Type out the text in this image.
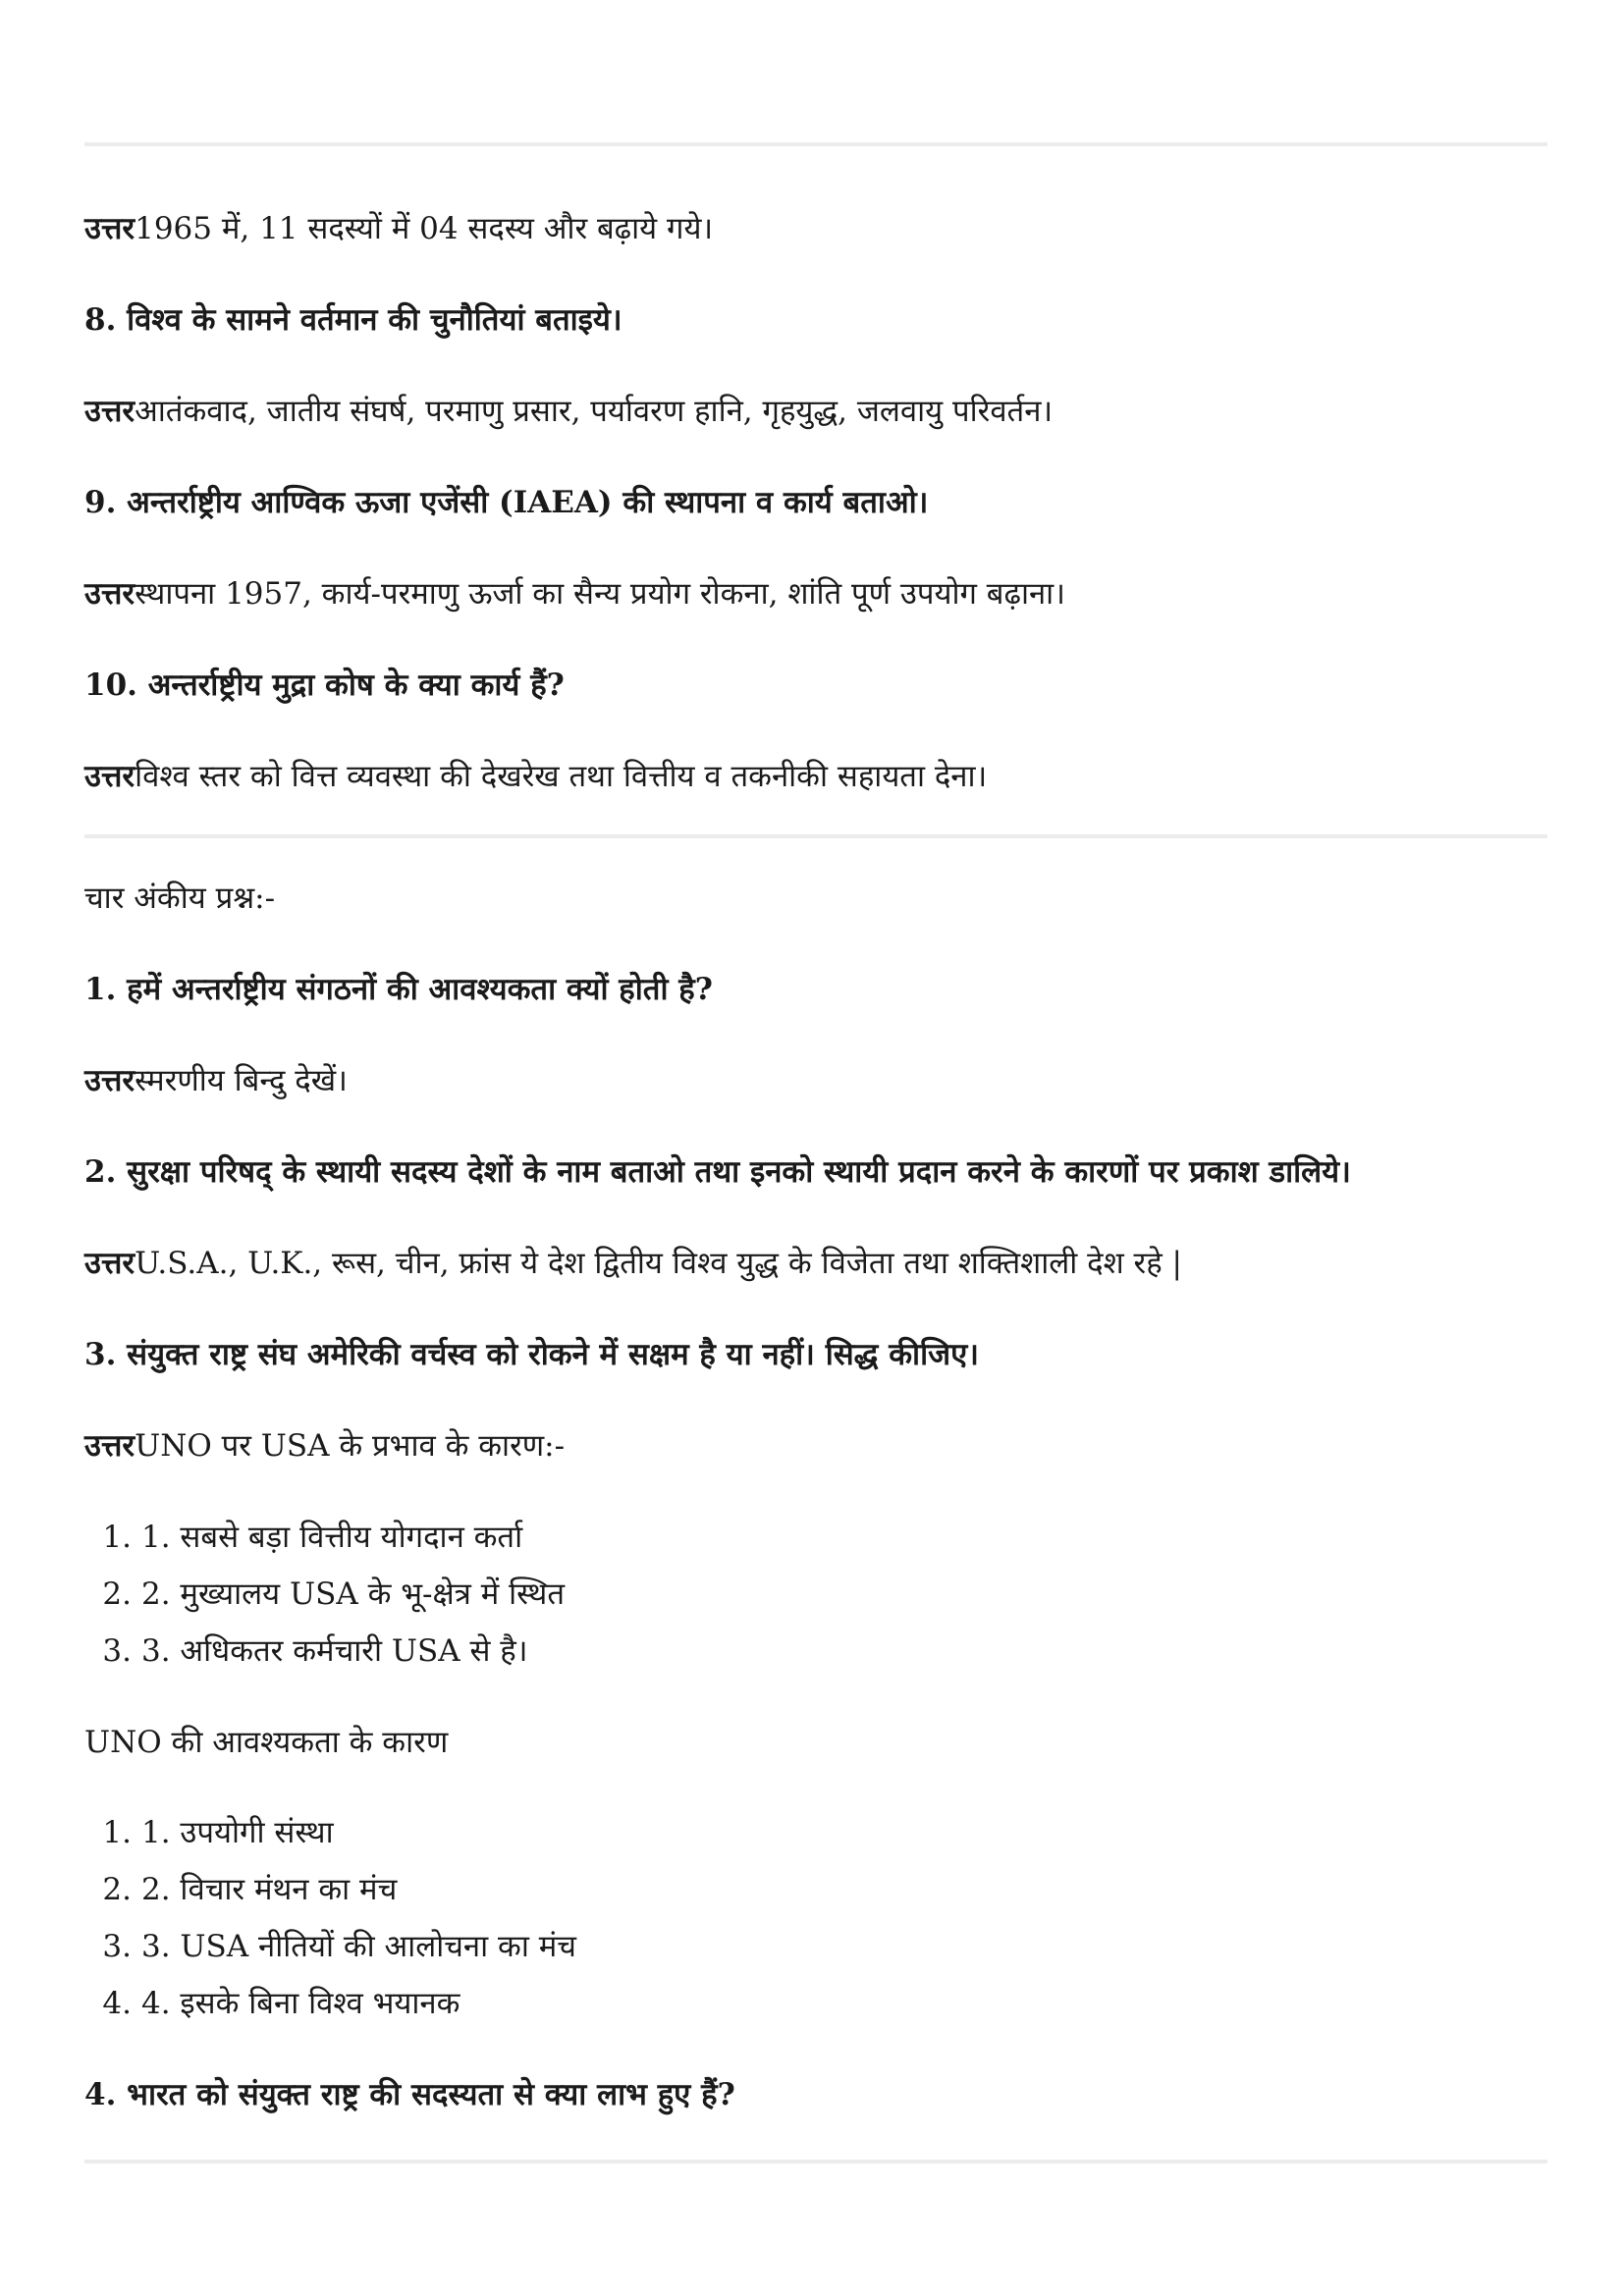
उत्तर1965 में, 11 सदस्यों में 04 सदस्य और बढ़ाये गये।
8. विश्व के सामने वर्तमान की चुनौतियां बताइये।
उत्तरआतंकवाद, जातीय संघर्ष, परमाणु प्रसार, पर्यावरण हानि, गृहयुद्ध, जलवायु परिवर्तन।
9. अन्तर्राष्ट्रीय आण्विक ऊजा एजेंसी (IAEA) की स्थापना व कार्य बताओ।
उत्तरस्थापना 1957, कार्य-परमाणु ऊर्जा का सैन्य प्रयोग रोकना, शांति पूर्ण उपयोग बढ़ाना।
10. अन्तर्राष्ट्रीय मुद्रा कोष के क्या कार्य हैं?
उत्तरविश्व स्तर को वित्त व्यवस्था की देखरेख तथा वित्तीय व तकनीकी सहायता देना।
चार अंकीय प्रश्न:-
1. हमें अन्तर्राष्ट्रीय संगठनों की आवश्यकता क्यों होती है?
उत्तरस्मरणीय बिन्दु देखें।
2. सुरक्षा परिषद् के स्थायी सदस्य देशों के नाम बताओ तथा इनको स्थायी प्रदान करने के कारणों पर प्रकाश डालिये।
उत्तरU.S.A., U.K., रूस, चीन, फ्रांस ये देश द्वितीय विश्व युद्ध के विजेता तथा शक्तिशाली देश रहे |
3. संयुक्त राष्ट्र संघ अमेरिकी वर्चस्व को रोकने में सक्षम है या नहीं। सिद्ध कीजिए।
उत्तरUNO पर USA के प्रभाव के कारण:-
1. 1. सबसे बड़ा वित्तीय योगदान कर्ता
2. 2. मुख्यालय USA के भू-क्षेत्र में स्थित
3. 3. अधिकतर कर्मचारी USA से है।
UNO की आवश्यकता के कारण
1. 1. उपयोगी संस्था
2. 2. विचार मंथन का मंच
3. 3. USA नीतियों की आलोचना का मंच
4. 4. इसके बिना विश्व भयानक
4. भारत को संयुक्त राष्ट्र की सदस्यता से क्या लाभ हुए हैं?
